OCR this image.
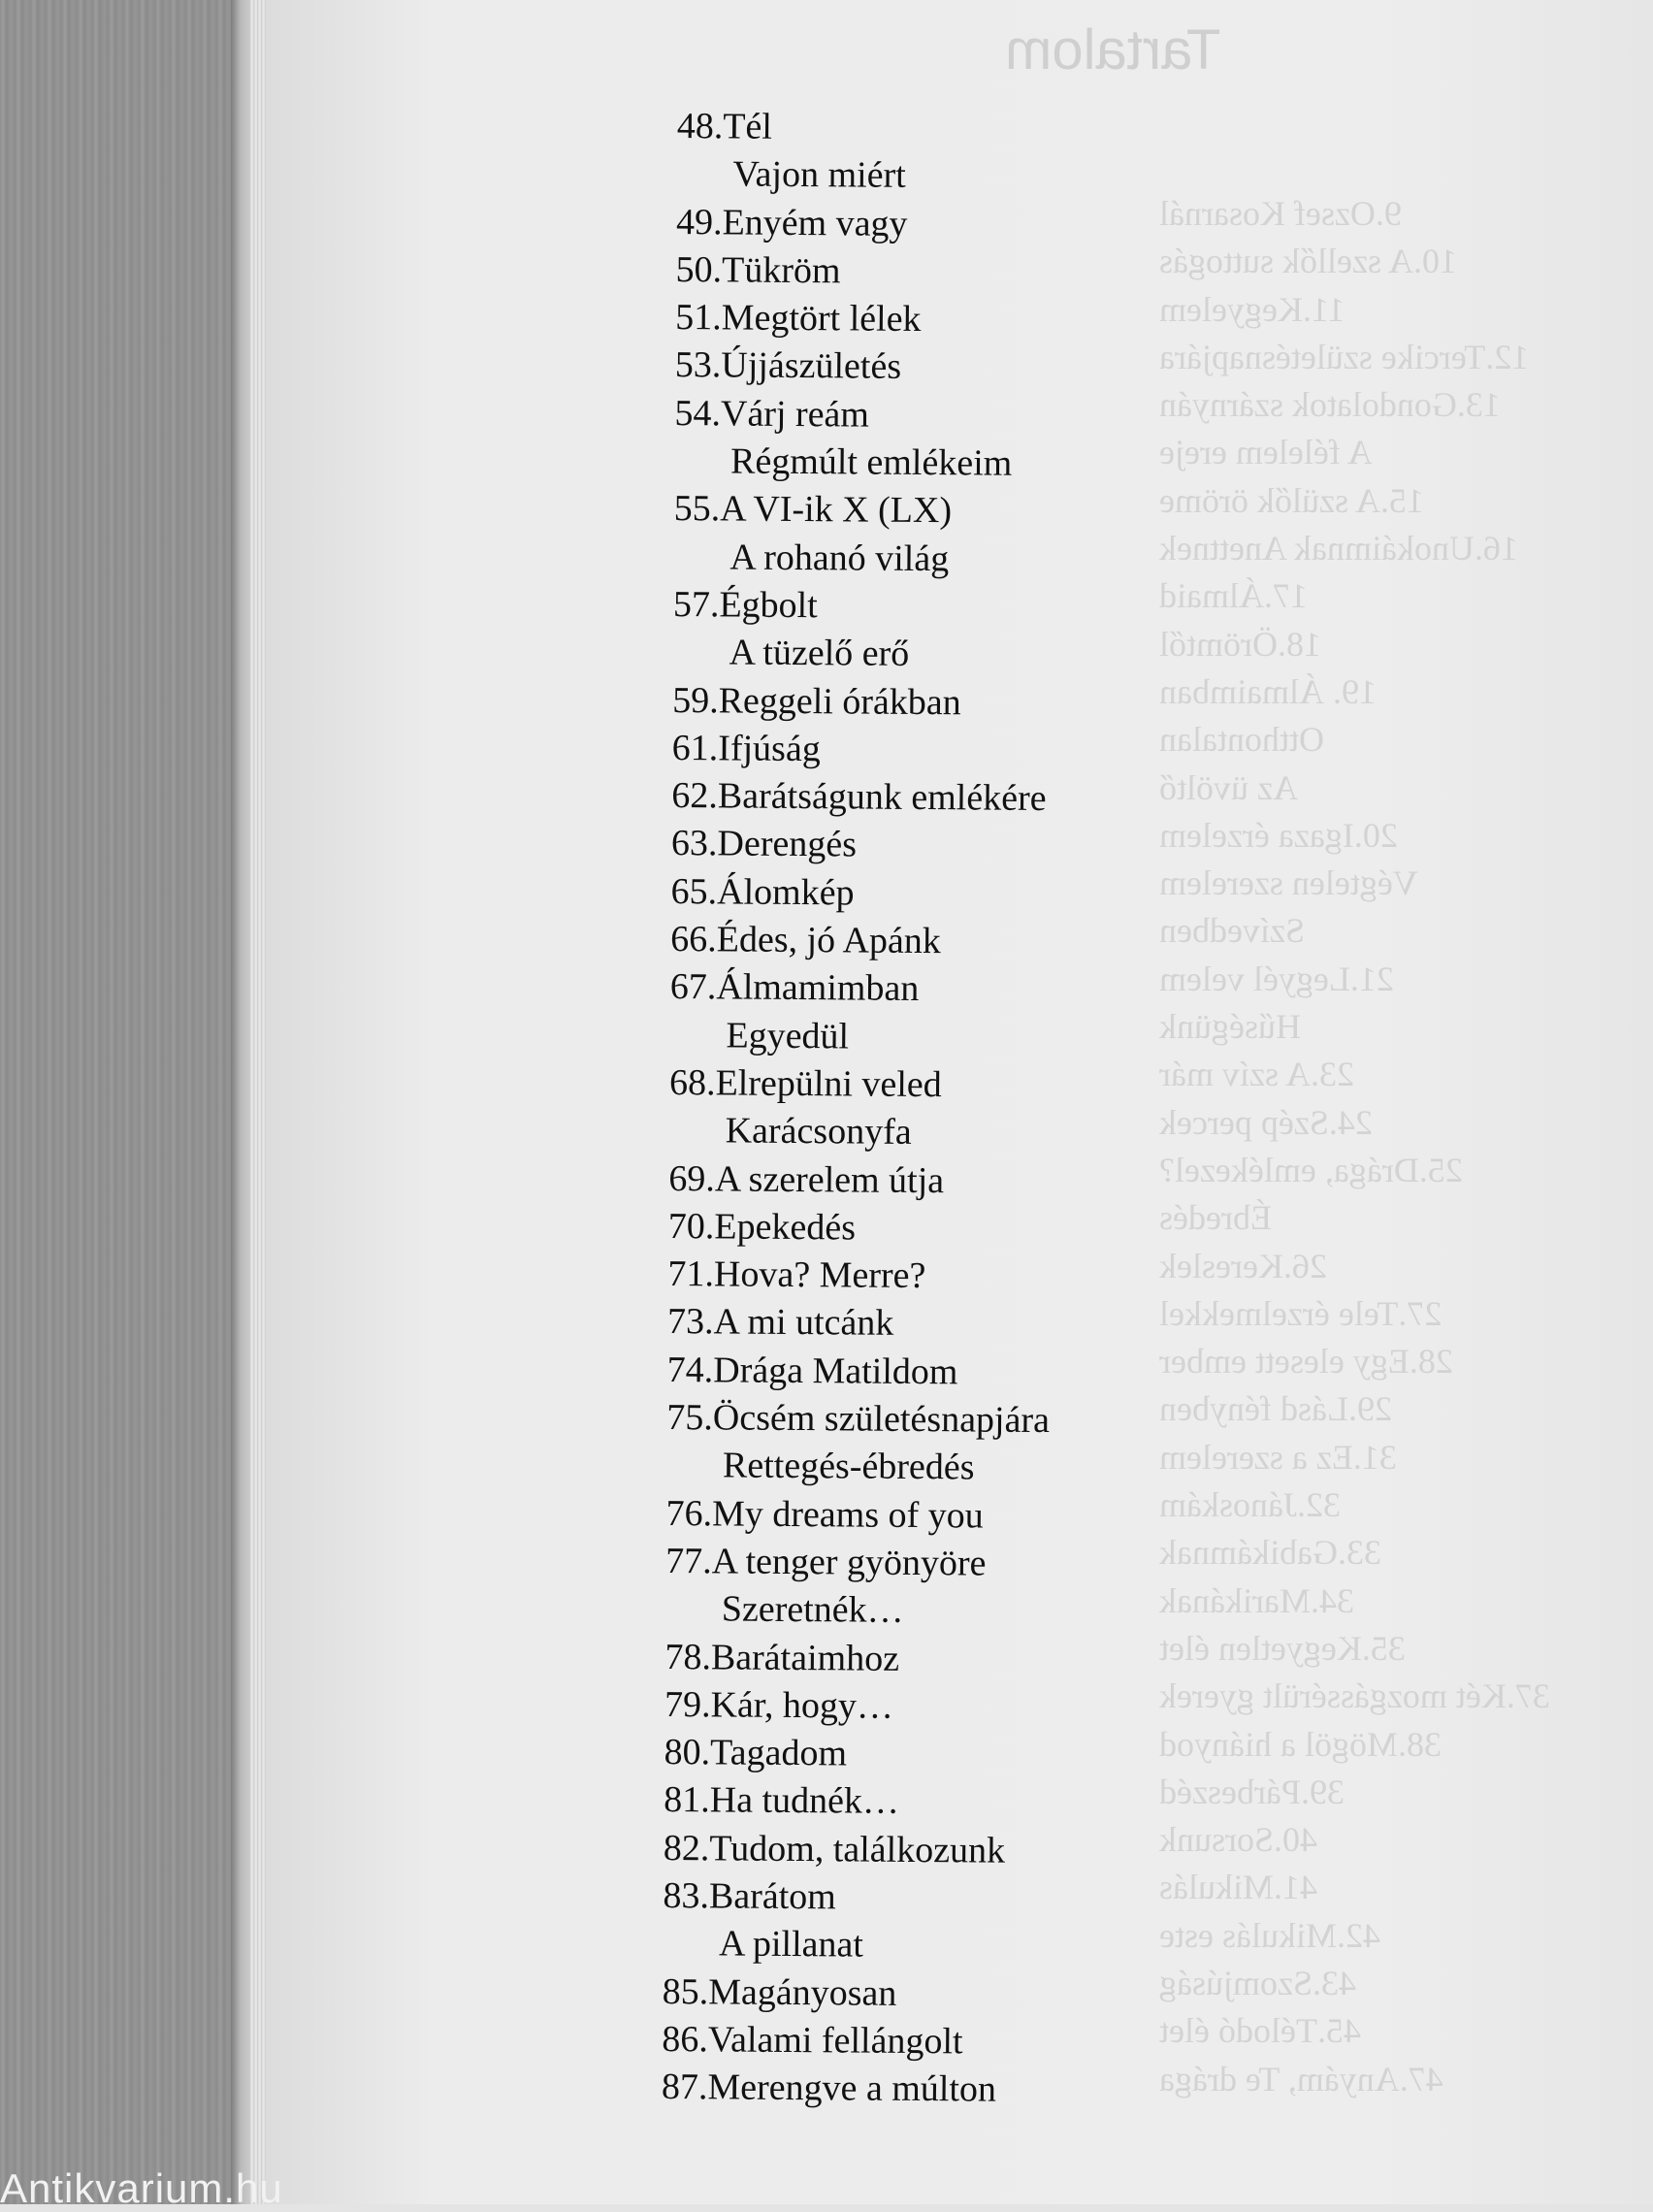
Tartalom
9.Ozsef Kosarnál
10.A szellők suttogás
11.Kegyelem
12.Tercike születésnapjára
13.Gondolatok szárnyán
A félelem ereje
15.A szülők öröme
16.Unokáimnak Anettnek
17.Álmaid
18.Örömtől
19. Álmaimban
Otthontalan
Az üvöltő
20.Igaza érzelem
Végtelen szerelem
Szívedben
21.Legyél velem
Hűségünk
23.A szív már
24.Szép percek
25.Drága, emlékezel?
Ébredés
26.Kereslek
27.Tele érzelmekkel
28.Egy elesett ember
29.Lásd fényben
31.Ez a szerelem
32.Jánoskám
33.Gabikámnak
34.Marikának
35.Kegyetlen élet
37.Két mozgássérült gyerek
38.Mögöl a hiányod
39.Párbeszéd
40.Sorsunk
41.Mikulás
42.Mikulás este
43.Szomjúság
45.Télodó élet
47.Anyám, Te drága
48.Tél
Vajon miért
49.Enyém vagy
50.Tükröm
51.Megtört lélek
53.Újjászületés
54.Várj reám
Régmúlt emlékeim
55.A VI-ik X (LX)
A rohanó világ
57.Égbolt
A tüzelő erő
59.Reggeli órákban
61.Ifjúság
62.Barátságunk emlékére
63.Derengés
65.Álomkép
66.Édes, jó Apánk
67.Álmamimban
Egyedül
68.Elrepülni veled
Karácsonyfa
69.A szerelem útja
70.Epekedés
71.Hova? Merre?
73.A mi utcánk
74.Drága Matildom
75.Öcsém születésnapjára
Rettegés-ébredés
76.My dreams of you
77.A tenger gyönyöre
Szeretnék…
78.Barátaimhoz
79.Kár, hogy…
80.Tagadom
81.Ha tudnék…
82.Tudom, találkozunk
83.Barátom
A pillanat
85.Magányosan
86.Valami fellángolt
87.Merengve a múlton
Antikvarium.hu
